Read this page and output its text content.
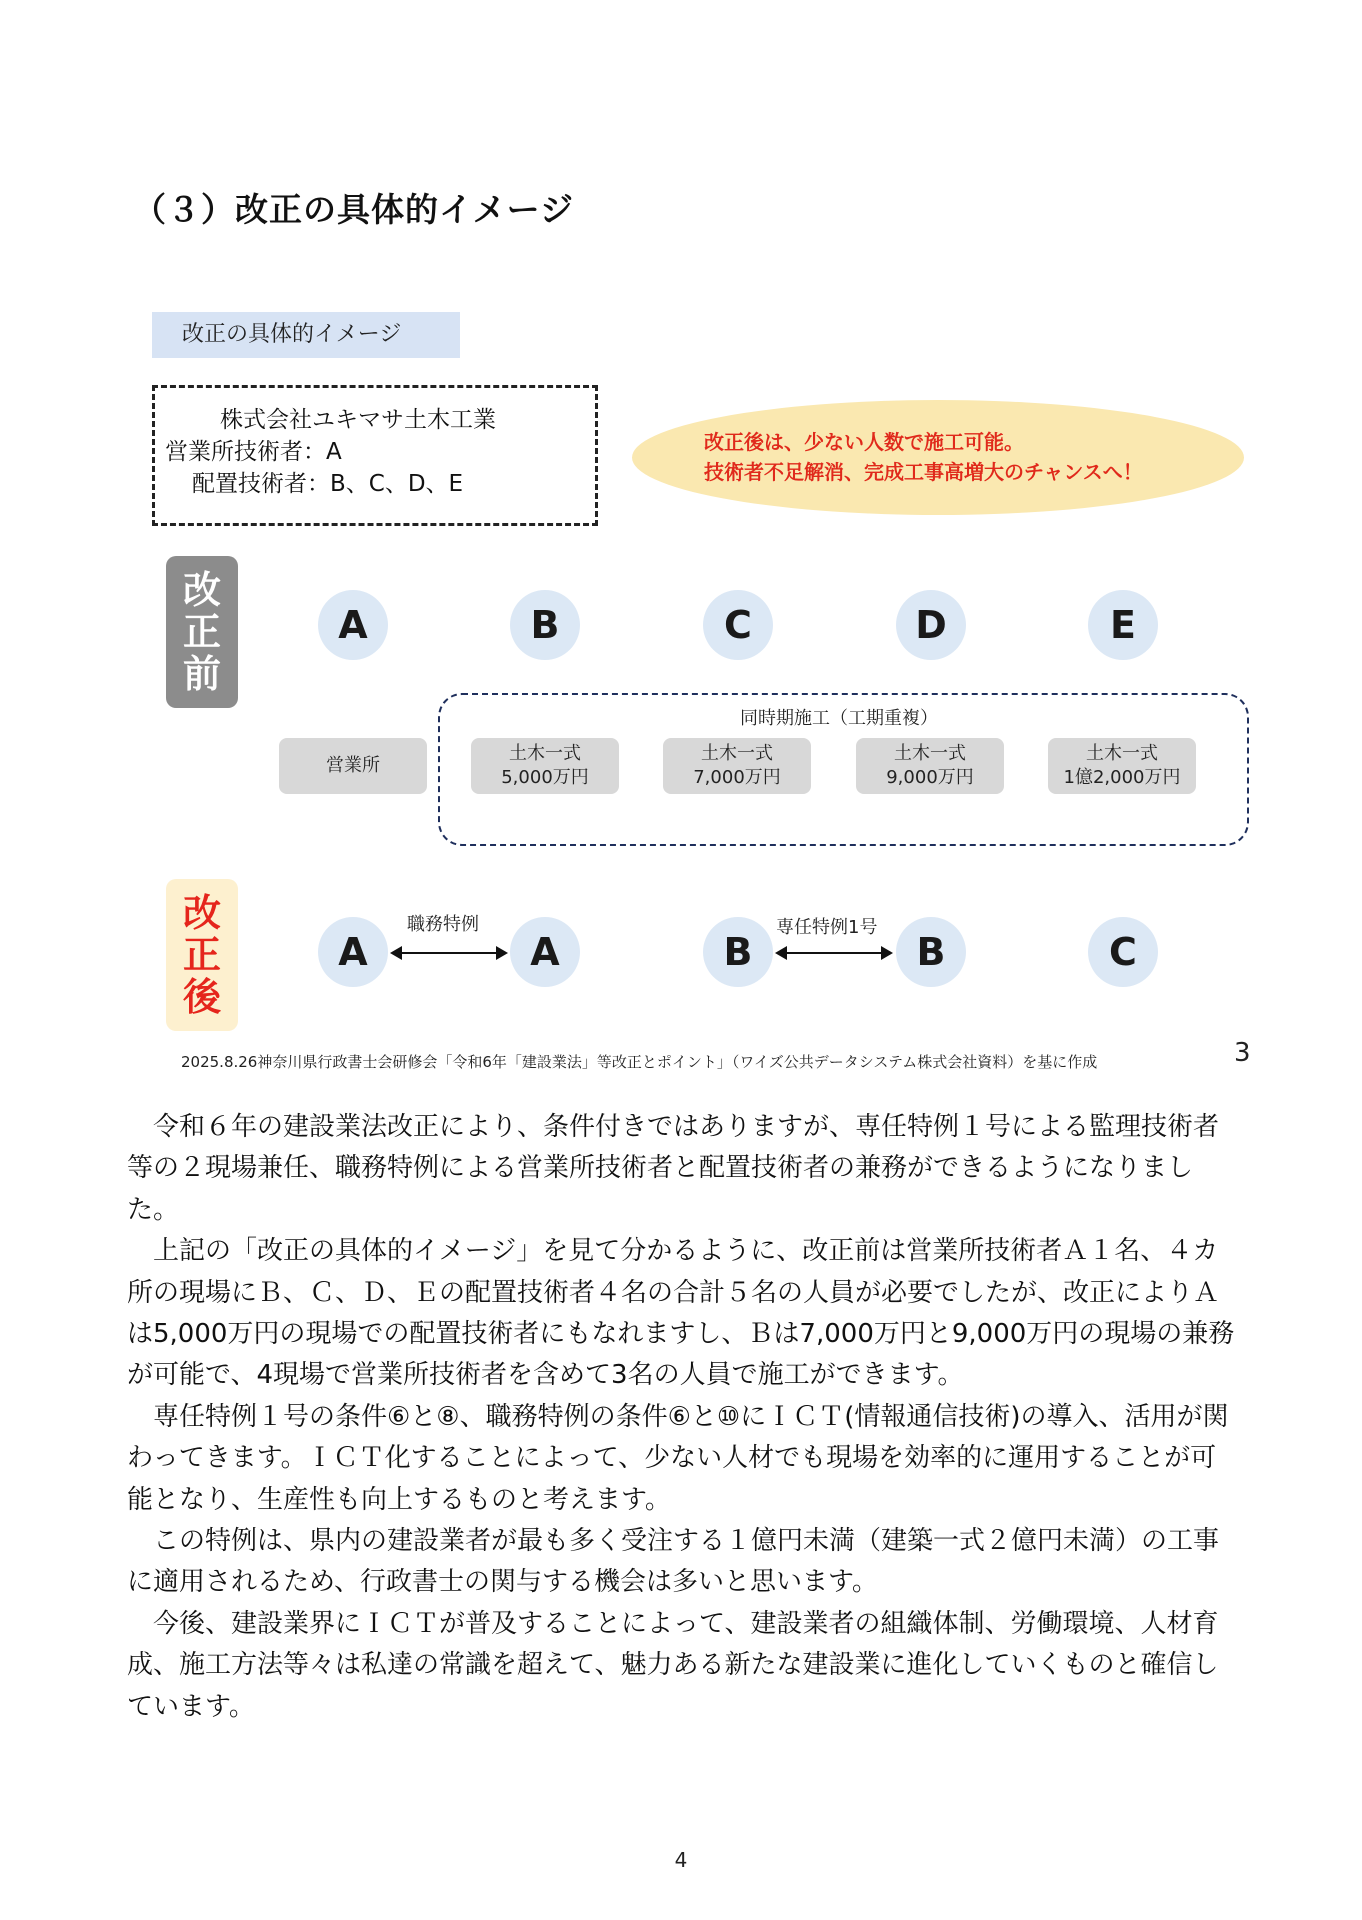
（３）改正の具体的イメージ
改正の具体的イメージ
株式会社ユキマサ土木工業
営業所技術者：A
配置技術者：B、C、D、E
改正後は、少ない人数で施工可能。
技術者不足解消、完成工事高増大のチャンスへ！
改
正
前
A	B	C	D	E
同時期施工（工期重複）
営業所
土木一式
5,000万円
土木一式
7,000万円
土木一式
9,000万円
土木一式
1億2,000万円
改
正
後
A
職務特例
A	B
専任特例1号
B	C
2025.8.26神奈川県行政書士会研修会「令和6年「建設業法」等改正とポイント」（ワイズ公共データシステム株式会社資料）を基に作成	3

令和６年の建設業法改正により、条件付きではありますが、専任特例１号による監理技術者等の２現場兼任、職務特例による営業所技術者と配置技術者の兼務ができるようになりました。

上記の「改正の具体的イメージ」を見て分かるように、改正前は営業所技術者Ａ１名、４カ所の現場にＢ、Ｃ、Ｄ、Ｅの配置技術者４名の合計５名の人員が必要でしたが、改正によりＡは5,000万円の現場での配置技術者にもなれますし、Ｂは7,000万円と9,000万円の現場の兼務が可能で、4現場で営業所技術者を含めて3名の人員で施工ができます。

専任特例１号の条件⑥と⑧、職務特例の条件⑥と⑩にＩＣＴ(情報通信技術)の導入、活用が関わってきます。ＩＣＴ化することによって、少ない人材でも現場を効率的に運用することが可能となり、生産性も向上するものと考えます。

この特例は、県内の建設業者が最も多く受注する１億円未満（建築一式２億円未満）の工事に適用されるため、行政書士の関与する機会は多いと思います。

今後、建設業界にＩＣＴが普及することによって、建設業者の組織体制、労働環境、人材育成、施工方法等々は私達の常識を超えて、魅力ある新たな建設業に進化していくものと確信しています。

4
